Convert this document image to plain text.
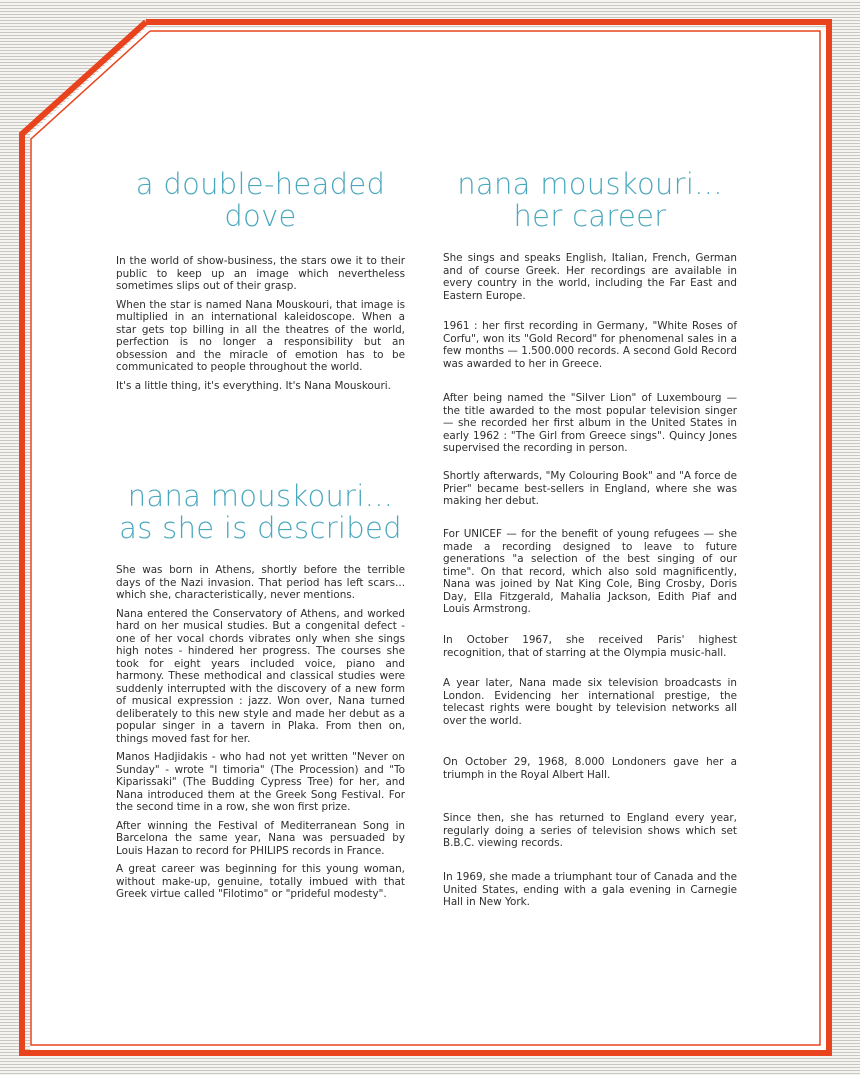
a double-headed
dove

In the world of show-business, the stars owe it to their public to keep up an image which nevertheless sometimes slips out of their grasp.

When the star is named Nana Mouskouri, that image is multiplied in an international kaleidoscope. When a star gets top billing in all the theatres of the world, perfection is no longer a responsibility but an obsession and the miracle of emotion has to be communicated to people throughout the world.

It's a little thing, it's everything. It's Nana Mouskouri.

nana mouskouri...
as she is described

She was born in Athens, shortly before the terrible days of the Nazi invasion. That period has left scars... which she, characteristically, never mentions.

Nana entered the Conservatory of Athens, and worked hard on her musical studies. But a congenital defect - one of her vocal chords vibrates only when she sings high notes - hindered her progress. The courses she took for eight years included voice, piano and harmony. These methodical and classical studies were suddenly interrupted with the discovery of a new form of musical expression : jazz. Won over, Nana turned deliberately to this new style and made her debut as a popular singer in a tavern in Plaka. From then on, things moved fast for her.

Manos Hadjidakis - who had not yet written "Never on Sunday" - wrote "I timoria" (The Procession) and "To Kiparissaki" (The Budding Cypress Tree) for her, and Nana introduced them at the Greek Song Festival. For the second time in a row, she won first prize.

After winning the Festival of Mediterranean Song in Barcelona the same year, Nana was persuaded by Louis Hazan to record for PHILIPS records in France.

A great career was beginning for this young woman, without make-up, genuine, totally imbued with that Greek virtue called "Filotimo" or "prideful modesty".

nana mouskouri...
her career

She sings and speaks English, Italian, French, German and of course Greek. Her recordings are available in every country in the world, including the Far East and Eastern Europe.

1961 : her first recording in Germany, "White Roses of Corfu", won its "Gold Record" for phenomenal sales in a few months — 1.500.000 records. A second Gold Record was awarded to her in Greece.

After being named the "Silver Lion" of Luxembourg — the title awarded to the most popular television singer — she recorded her first album in the United States in early 1962 : "The Girl from Greece sings". Quincy Jones supervised the recording in person.

Shortly afterwards, "My Colouring Book" and "A force de Prier" became best-sellers in England, where she was making her debut.

For UNICEF — for the benefit of young refugees — she made a recording designed to leave to future generations "a selection of the best singing of our time". On that record, which also sold magnificently, Nana was joined by Nat King Cole, Bing Crosby, Doris Day, Ella Fitzgerald, Mahalia Jackson, Edith Piaf and Louis Armstrong.

In October 1967, she received Paris' highest recognition, that of starring at the Olympia music-hall.

A year later, Nana made six television broadcasts in London. Evidencing her international prestige, the telecast rights were bought by television networks all over the world.

On October 29, 1968, 8.000 Londoners gave her a triumph in the Royal Albert Hall.

Since then, she has returned to England every year, regularly doing a series of television shows which set B.B.C. viewing records.

In 1969, she made a triumphant tour of Canada and the United States, ending with a gala evening in Carnegie Hall in New York.
